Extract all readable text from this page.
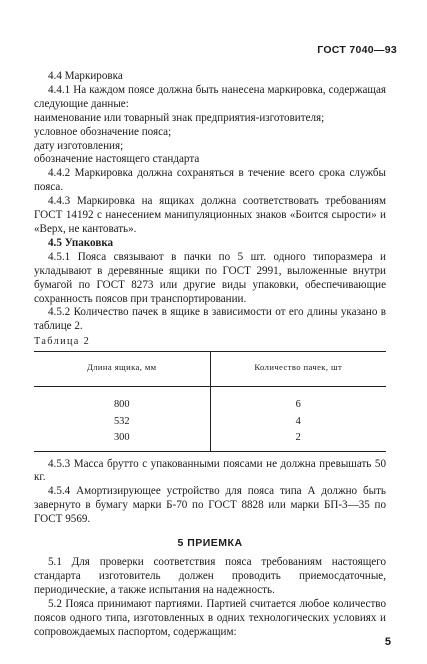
ГОСТ 7040—93

4.4 Маркировка

4.4.1 На каждом поясе должна быть нанесена маркировка, содержащая следующие данные:

наименование или товарный знак предприятия-изготовителя;

условное обозначение пояса;

дату изготовления;

обозначение настоящего стандарта

4.4.2 Маркировка должна сохраняться в течение всего срока службы пояса.

4.4.3 Маркировка на ящиках должна соответствовать требованиям ГОСТ 14192 с нанесением манипуляционных знаков «Боится сырости» и «Верх, не кантовать».

4.5 Упаковка

4.5.1 Пояса связывают в пачки по 5 шт. одного типоразмера и укладывают в деревянные ящики по ГОСТ 2991, выложенные внутри бумагой по ГОСТ 8273 или другие виды упаковки, обеспечивающие сохранность поясов при транспортировании.

4.5.2 Количество пачек в ящике в зависимости от его длины указано в таблице 2.

Таблица 2

Длина ящика, мм	Количество пачек, шт
800	6
532	4
300	2

4.5.3 Масса брутто с упакованными поясами не должна превышать 50 кг.

4.5.4 Амортизирующее устройство для пояса типа А должно быть завернуто в бумагу марки Б-70 по ГОСТ 8828 или марки БП-3—35 по ГОСТ 9569.

5 ПРИЕМКА

5.1 Для проверки соответствия пояса требованиям настоящего стандарта изготовитель должен проводить приемосдаточные, периодические, а также испытания на надежность.

5.2 Пояса принимают партиями. Партией считается любое количество поясов одного типа, изготовленных в одних технологических условиях и сопровождаемых паспортом, содержащим:

5
